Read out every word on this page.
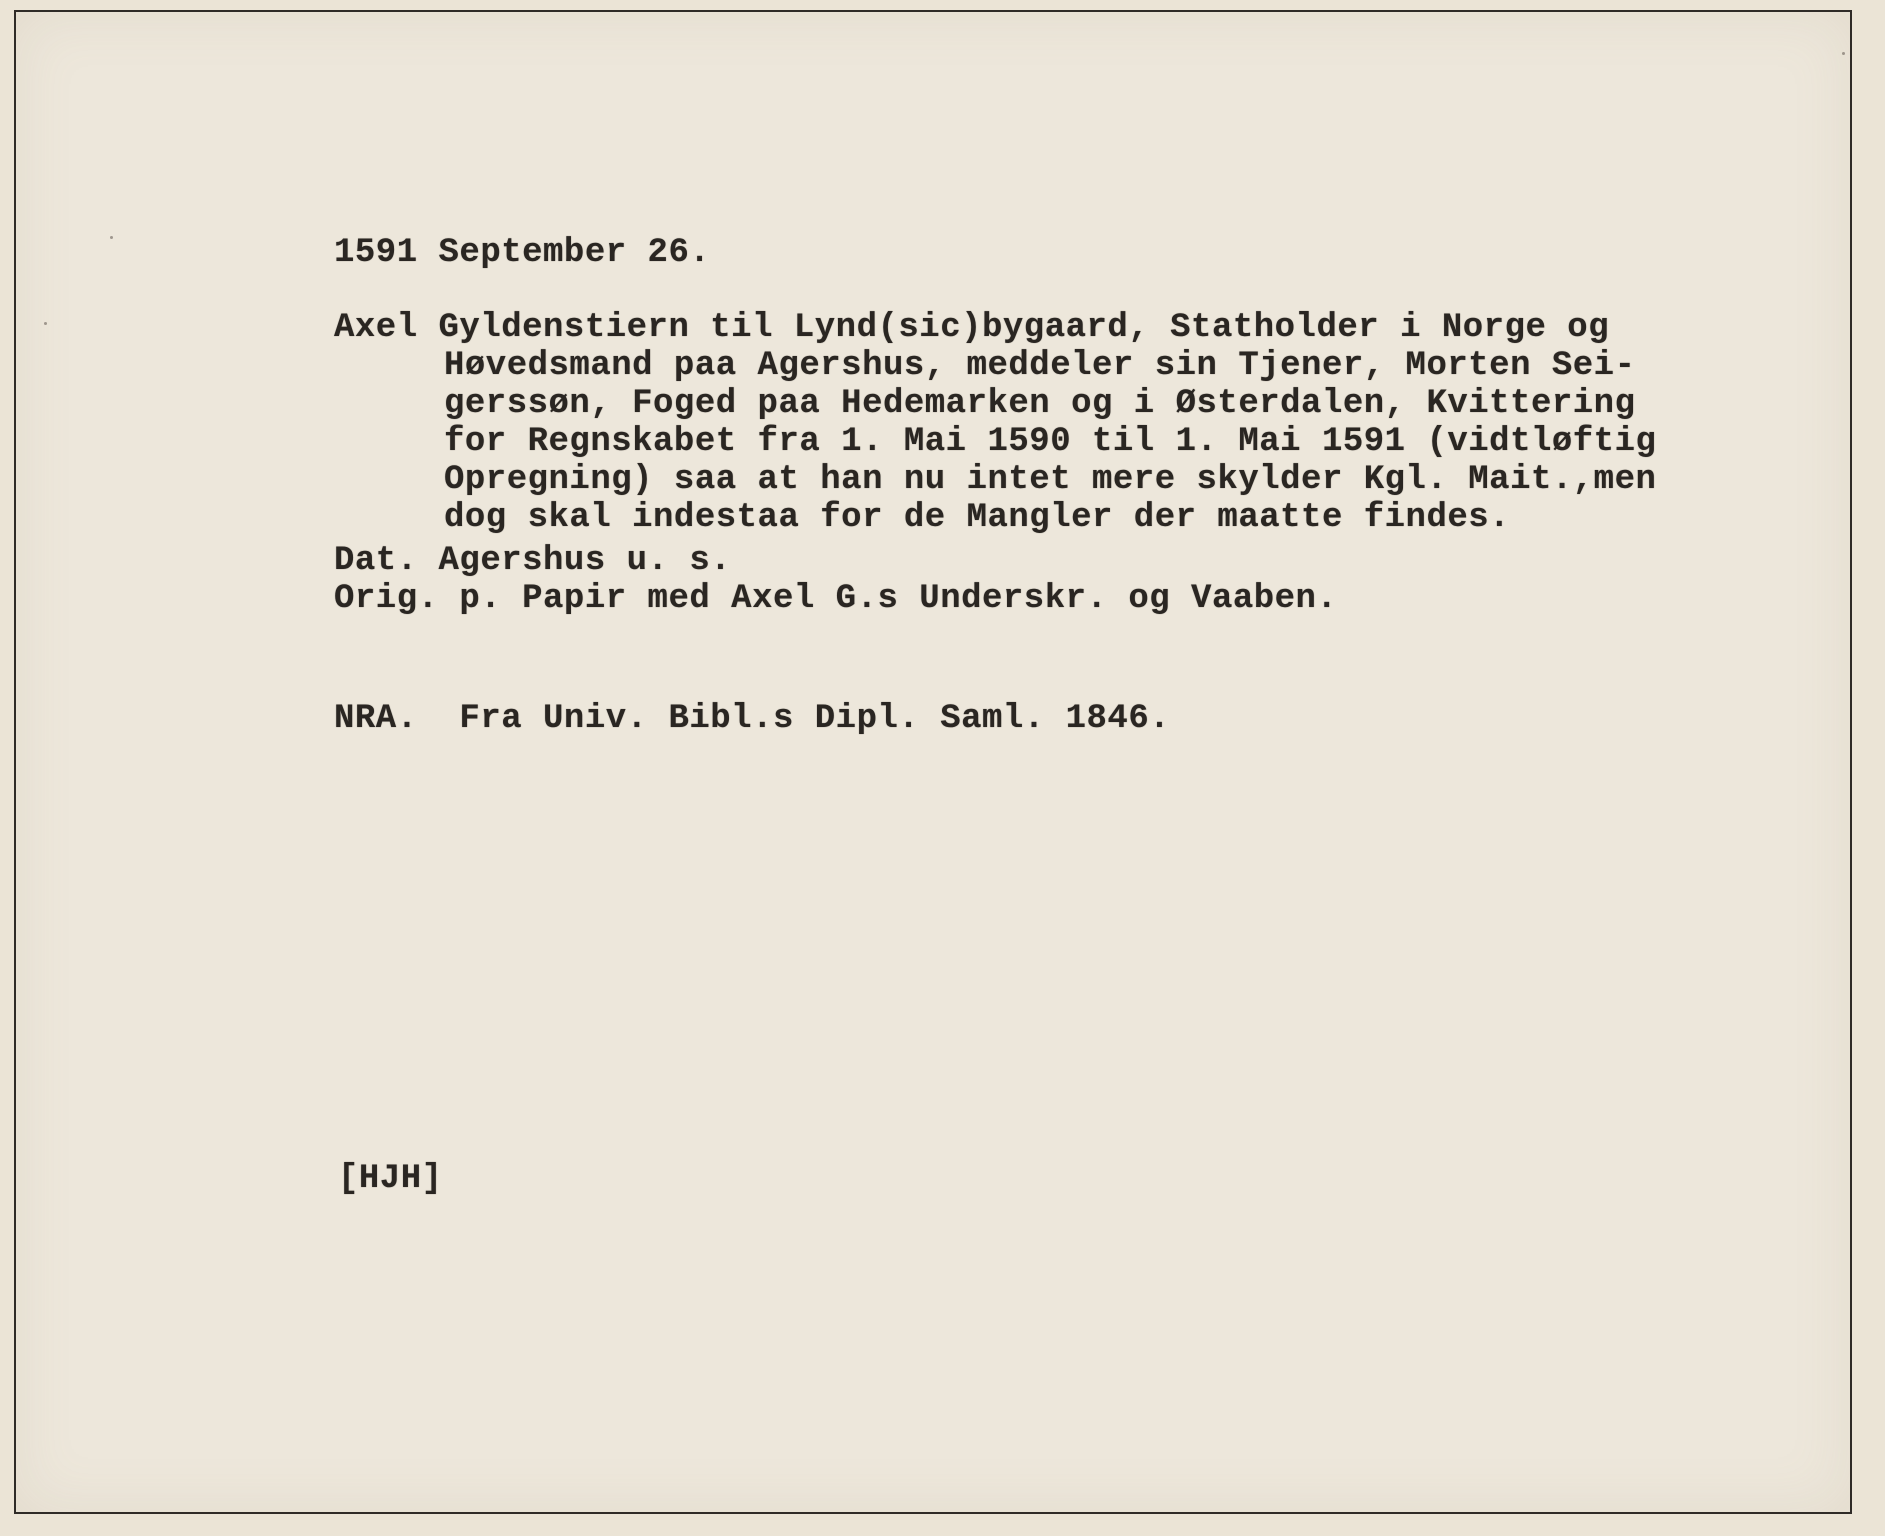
1591 September 26.

Axel Gyldenstiern til Lynd(sic)bygaard, Statholder i Norge og

Høvedsmand paa Agershus, meddeler sin Tjener, Morten Sei-

gerssøn, Foged paa Hedemarken og i Østerdalen, Kvittering

for Regnskabet fra 1. Mai 1590 til 1. Mai 1591 (vidtløftig

Opregning) saa at han nu intet mere skylder Kgl. Mait.,men

dog skal indestaa for de Mangler der maatte findes.

Dat. Agershus u. s.
Orig. p. Papir med Axel G.s Underskr. og Vaaben.
NRA.  Fra Univ. Bibl.s Dipl. Saml. 1846.
[HJH]
